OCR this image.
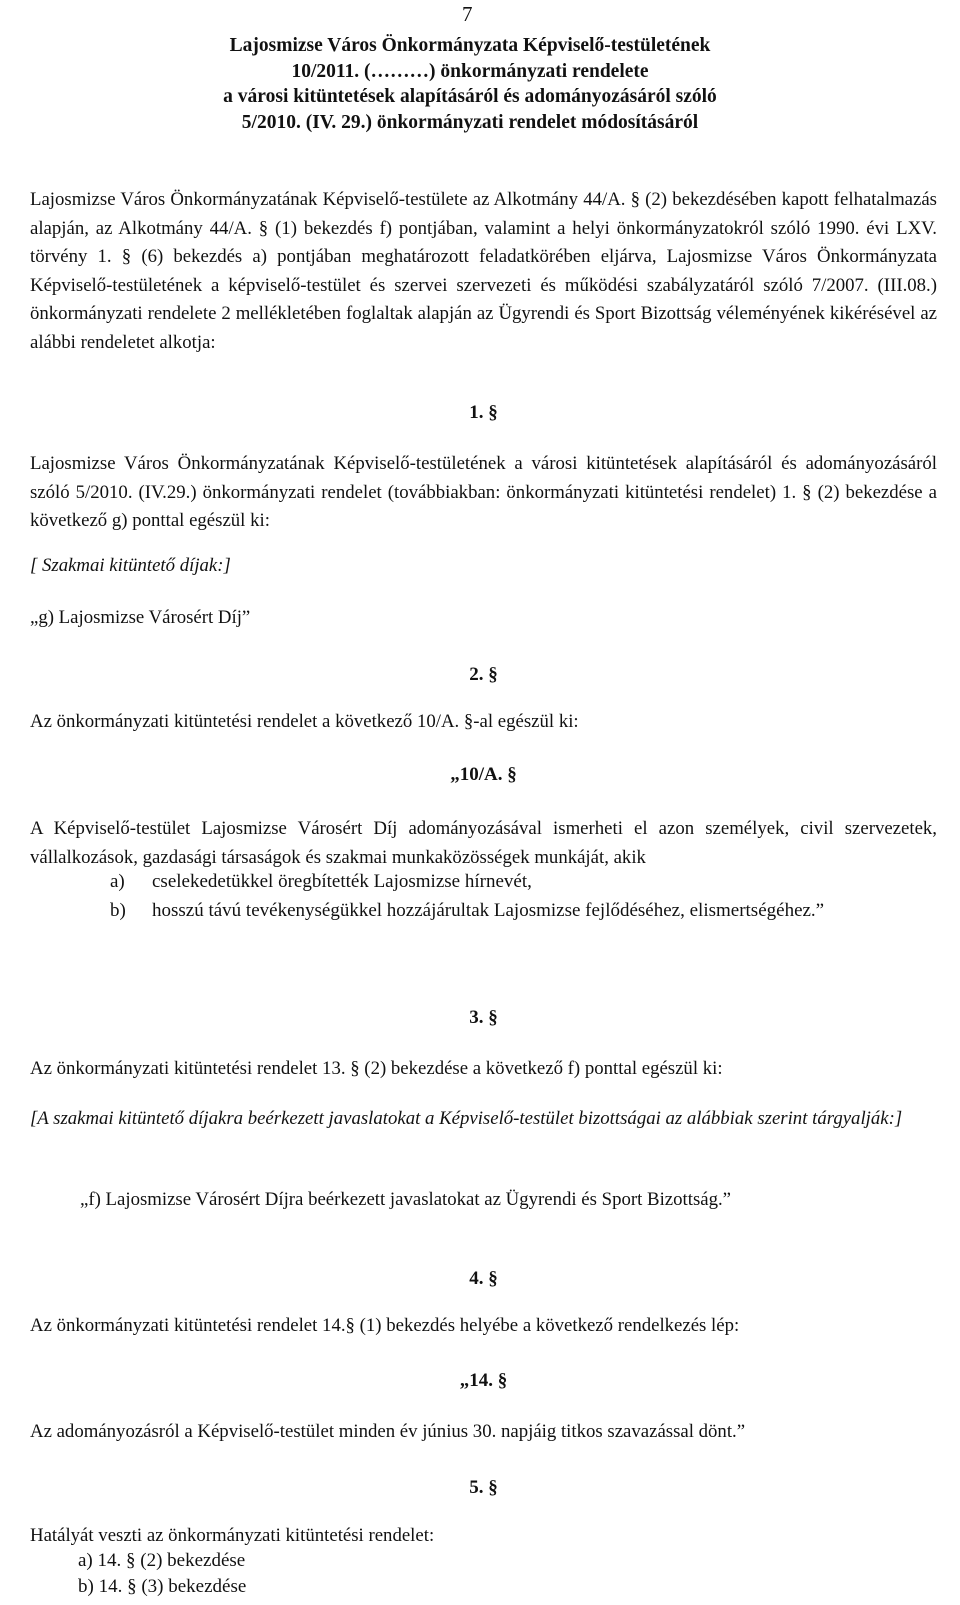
7
Lajosmizse Város Önkormányzata Képviselő-testületének
10/2011. (………) önkormányzati rendelete
a városi kitüntetések alapításáról és adományozásáról szóló
5/2010. (IV. 29.) önkormányzati rendelet módosításáról

Lajosmizse Város Önkormányzatának Képviselő-testülete az Alkotmány 44/A. § (2) bekezdésében kapott felhatalmazás alapján, az Alkotmány 44/A. § (1) bekezdés f) pontjában, valamint a helyi önkormányzatokról szóló 1990. évi LXV. törvény 1. § (6) bekezdés a) pontjában meghatározott feladatkörében eljárva, Lajosmizse Város Önkormányzata Képviselő-testületének a képviselő-testület és szervei szervezeti és működési szabályzatáról szóló 7/2007. (III.08.) önkormányzati rendelete 2 mellékletében foglaltak alapján az Ügyrendi és Sport Bizottság véleményének kikérésével az alábbi rendeletet alkotja:

1. §

Lajosmizse Város Önkormányzatának Képviselő-testületének a városi kitüntetések alapításáról és adományozásáról szóló 5/2010. (IV.29.) önkormányzati rendelet (továbbiakban: önkormányzati kitüntetési rendelet) 1. § (2) bekezdése a következő g) ponttal egészül ki:

[ Szakmai kitüntető díjak:]

„g) Lajosmizse Városért Díj”

2. §

Az önkormányzati kitüntetési rendelet a következő 10/A. §-al egészül ki:

„10/A. §

A Képviselő-testület Lajosmizse Városért Díj adományozásával ismerheti el azon személyek, civil szervezetek, vállalkozások, gazdasági társaságok és szakmai munkaközösségek munkáját, akik

a)	cselekedetükkel öregbítették Lajosmizse hírnevét,
b)	hosszú távú tevékenységükkel hozzájárultak Lajosmizse fejlődéséhez, elismertségéhez.”

3. §

Az önkormányzati kitüntetési rendelet 13. § (2) bekezdése a következő f) ponttal egészül ki:

[A szakmai kitüntető díjakra beérkezett javaslatokat a Képviselő-testület bizottságai az alábbiak szerint tárgyalják:]

„f) Lajosmizse Városért Díjra beérkezett javaslatokat az Ügyrendi és Sport Bizottság.”

4. §

Az önkormányzati kitüntetési rendelet 14.§ (1) bekezdés helyébe a következő rendelkezés lép:

„14. §

Az adományozásról a Képviselő-testület minden év június 30. napjáig titkos szavazással dönt.”

5. §

Hatályát veszti az önkormányzati kitüntetési rendelet:

a) 14. § (2) bekezdése

b) 14. § (3) bekezdése
